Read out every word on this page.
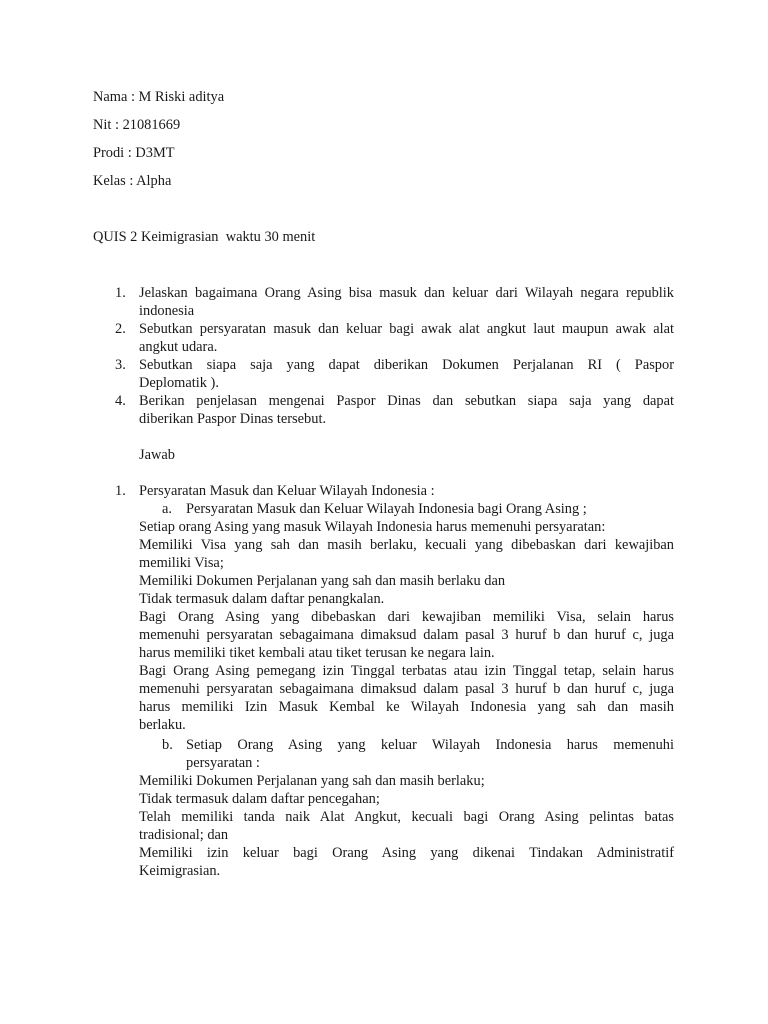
Nama : M Riski aditya
Nit : 21081669
Prodi : D3MT
Kelas : Alpha
QUIS 2 Keimigrasian  waktu 30 menit
1. Jelaskan bagaimana Orang Asing bisa masuk dan keluar dari Wilayah negara republik
indonesia
2. Sebutkan persyaratan masuk dan keluar bagi awak alat angkut laut maupun awak alat
angkut udara.
3. Sebutkan siapa saja yang dapat diberikan Dokumen Perjalanan RI ( Paspor
Deplomatik ).
4. Berikan penjelasan mengenai Paspor Dinas dan sebutkan siapa saja yang dapat
diberikan Paspor Dinas tersebut.
Jawab
1. Persyaratan Masuk dan Keluar Wilayah Indonesia :
a. Persyaratan Masuk dan Keluar Wilayah Indonesia bagi Orang Asing ;
Setiap orang Asing yang masuk Wilayah Indonesia harus memenuhi persyaratan:
Memiliki Visa yang sah dan masih berlaku, kecuali yang dibebaskan dari kewajiban
memiliki Visa;
Memiliki Dokumen Perjalanan yang sah dan masih berlaku dan
Tidak termasuk dalam daftar penangkalan.
Bagi Orang Asing yang dibebaskan dari kewajiban memiliki Visa, selain harus
memenuhi persyaratan sebagaimana dimaksud dalam pasal 3 huruf b dan huruf c, juga
harus memiliki tiket kembali atau tiket terusan ke negara lain.
Bagi Orang Asing pemegang izin Tinggal terbatas atau izin Tinggal tetap, selain harus
memenuhi persyaratan sebagaimana dimaksud dalam pasal 3 huruf b dan huruf c, juga
harus memiliki Izin Masuk Kembal ke Wilayah Indonesia yang sah dan masih
berlaku.
b. Setiap Orang Asing yang keluar Wilayah Indonesia harus memenuhi
persyaratan :
Memiliki Dokumen Perjalanan yang sah dan masih berlaku;
Tidak termasuk dalam daftar pencegahan;
Telah memiliki tanda naik Alat Angkut, kecuali bagi Orang Asing pelintas batas
tradisional; dan
Memiliki izin keluar bagi Orang Asing yang dikenai Tindakan Administratif
Keimigrasian.
